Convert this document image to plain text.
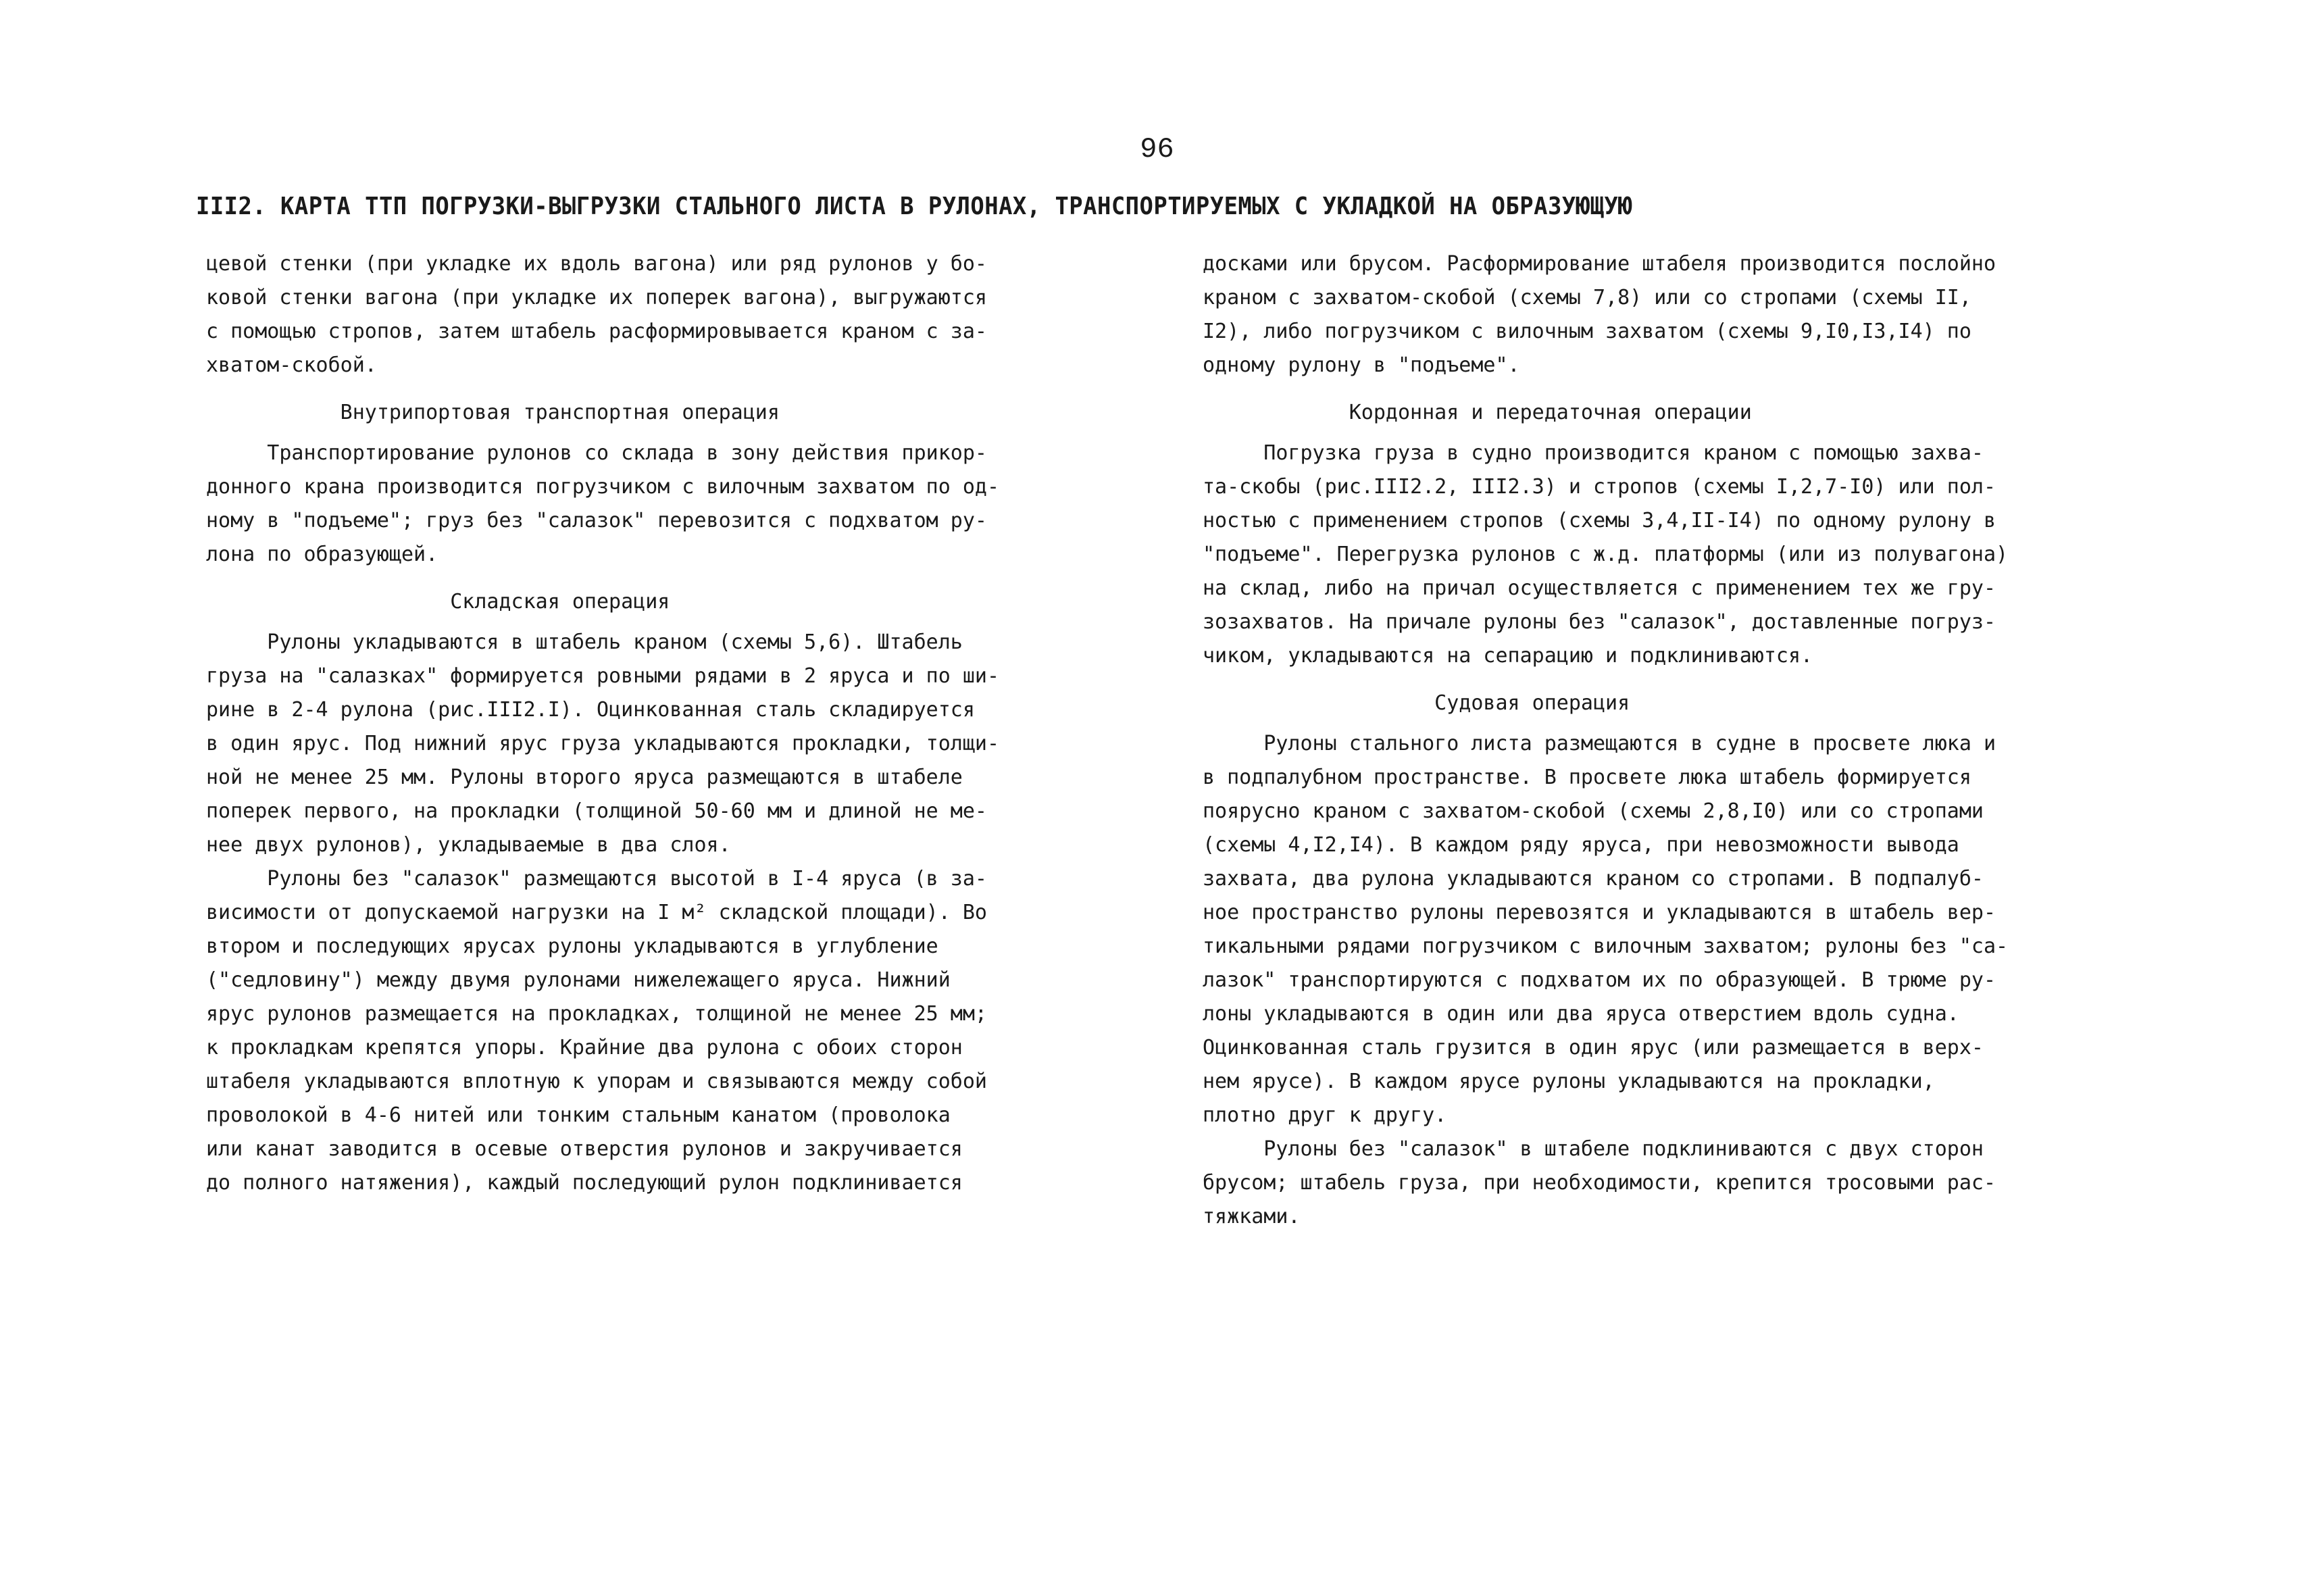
96
III2. КАРТА ТТП ПОГРУЗКИ-ВЫГРУЗКИ СТАЛЬНОГО ЛИСТА В РУЛОНАХ, ТРАНСПОРТИРУЕМЫХ С УКЛАДКОЙ НА ОБРАЗУЮЩУЮ
цевой стенки (при укладке их вдоль вагона) или ряд рулонов у бо-
ковой стенки вагона (при укладке их поперек вагона), выгружаются
с помощью стропов, затем штабель расформировывается краном с за-
хватом-скобой.
Внутрипортовая транспортная операция
Транспортирование рулонов со склада в зону действия прикор-
донного крана производится погрузчиком с вилочным захватом по од-
ному в "подъеме"; груз без "салазок" перевозится с подхватом ру-
лона по образующей.
Складская операция
Рулоны укладываются в штабель краном (схемы 5,6). Штабель
груза на "салазках" формируется ровными рядами в 2 яруса и по ши-
рине в 2-4 рулона (рис.III2.I). Оцинкованная сталь складируется
в один ярус. Под нижний ярус груза укладываются прокладки, толщи-
ной не менее 25 мм. Рулоны второго яруса размещаются в штабеле
поперек первого, на прокладки (толщиной 50-60 мм и длиной не ме-
нее двух рулонов), укладываемые в два слоя.
Рулоны без "салазок" размещаются высотой в I-4 яруса (в за-
висимости от допускаемой нагрузки на I м² складской площади). Во
втором и последующих ярусах рулоны укладываются в углубление
("седловину") между двумя рулонами нижележащего яруса. Нижний
ярус рулонов размещается на прокладках, толщиной не менее 25 мм;
к прокладкам крепятся упоры. Крайние два рулона с обоих сторон
штабеля укладываются вплотную к упорам и связываются между собой
проволокой в 4-6 нитей или тонким стальным канатом (проволока
или канат заводится в осевые отверстия рулонов и закручивается
до полного натяжения), каждый последующий рулон подклинивается
досками или брусом. Расформирование штабеля производится послойно
краном с захватом-скобой (схемы 7,8) или со стропами (схемы II,
I2), либо погрузчиком с вилочным захватом (схемы 9,I0,I3,I4) по
одному рулону в "подъеме".
Кордонная и передаточная операции
Погрузка груза в судно производится краном с помощью захва-
та-скобы (рис.III2.2, III2.3) и стропов (схемы I,2,7-I0) или пол-
ностью с применением стропов (схемы 3,4,II-I4) по одному рулону в
"подъеме". Перегрузка рулонов с ж.д. платформы (или из полувагона)
на склад, либо на причал осуществляется с применением тех же гру-
зозахватов. На причале рулоны без "салазок", доставленные погруз-
чиком, укладываются на сепарацию и подклиниваются.
Судовая операция
Рулоны стального листа размещаются в судне в просвете люка и
в подпалубном пространстве. В просвете люка штабель формируется
поярусно краном с захватом-скобой (схемы 2,8,I0) или со стропами
(схемы 4,I2,I4). В каждом ряду яруса, при невозможности вывода
захвата, два рулона укладываются краном со стропами. В подпалуб-
ное пространство рулоны перевозятся и укладываются в штабель вер-
тикальными рядами погрузчиком с вилочным захватом; рулоны без "са-
лазок" транспортируются с подхватом их по образующей. В трюме ру-
лоны укладываются в один или два яруса отверстием вдоль судна.
Оцинкованная сталь грузится в один ярус (или размещается в верх-
нем ярусе). В каждом ярусе рулоны укладываются на прокладки,
плотно друг к другу.
Рулоны без "салазок" в штабеле подклиниваются с двух сторон
брусом; штабель груза, при необходимости, крепится тросовыми рас-
тяжками.
